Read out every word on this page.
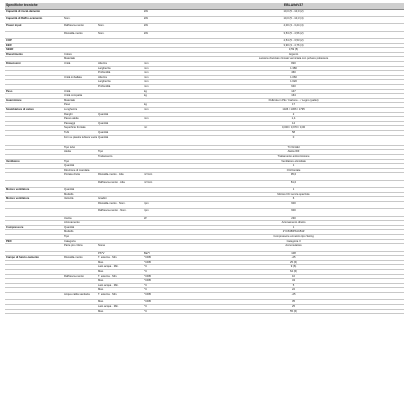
Specifiche tecniche				EBLA9dV37
Capacità di riscal-damento			kW	10,0 (5 - 10,0 (2)
Capacità di Raffre-scamento	Nom.		kW	10,0 (5 - 10,3 (4)
Power input	Raffresca-mento	Nom.	kW	4,00 (3 - 3,24 (4)
	Riscalda-mento	Nom.	kW	3,53 (5 - 4,56 (2)
COP				4,54 (5 - 3,53 (2)
EER				3,90 (3 - 4,76 (4)
SEER				3,59 (5)
Rivestimento	Colore			Argento
	Materiale			Lamiera d'acciaio zincato verniciata con polvere poliestere
Dimensioni	Unità	Altezza	mm	820
		Larghezza	mm	1.380
		Profondità	mm	460
	Unità imballata	Altezza	mm	1.060
		Larghezza	mm	1.620
		Profondità	mm	640
Peso	Unità		kg	147
	Unità compatta		kg	164
Guarnizione	Materiale			Pellicola in PE / Cartone... / Legno (pallet)
	Peso		kg	17
Scambiatore di calore	Lunghezza		mm	1326 / 1366 / 1795
	Ranghi	Quantità		2
	Passo alette		mm	1,4
	Passaggi	Quantità		14
	Superficie frontale		m²	0,000 / 0,970 / 0,00
	Tubi	Quantità		58
	Fori su piastra tubiera vuota	Quantità		0
	Tipo tubo			Tri 6d HEI
	Aletta	Tipo		Aletta WF
		Trattamento		Trattamento anticorrosione
Ventilatore	Tipo			Ventilatore elicoidale
	Quantità			1
	Direzione di mandata			Orizzontale
	Portata d'aria	Riscalda-mento · Alta	m³/min	95,0
		Raffresca-mento · Alta	m³/min	81,0
Motore ventilatore	Quantità			1
	Modello			Motore DC senza spazzole
Motore ventilatore	Velocità	Gradini		6
		Riscalda-mento · Nom.	rpm	600
		Raffresca-mento · Nom.	rpm	600
	Uscita		W	230
	Azionamento			Azionamento diretto
Compressore	Quantità			1
	Modello			2YC63BPXA1B1#
	Tipo			Compressore ermetico tipo Swing
PED	Categoria			Categoria II
	Parte più critica	Nome		Accumulatore
		PS*V	Bar*l	108
Campo di funzio-namento	Riscalda-mento	T. esterna · Min.	°CDB	-25
		Max.	°CDB	25 (6)
		Lato acqua · Min.	°C	9 (6)
		Max.	°C	64 (6)
	Raffresca-mento	T. esterna · Min.	°CDB	10
		Max.	°CDB	43
		Lato acqua · Min.	°C	5
		Max.	°C	22
	Acqua calda sanitaria	T. esterna · Min.	°CDB	-25
		Max.	°CDB	35
		Lato acqua · Min.	°C	25
		Max.	°C	55 (6)
